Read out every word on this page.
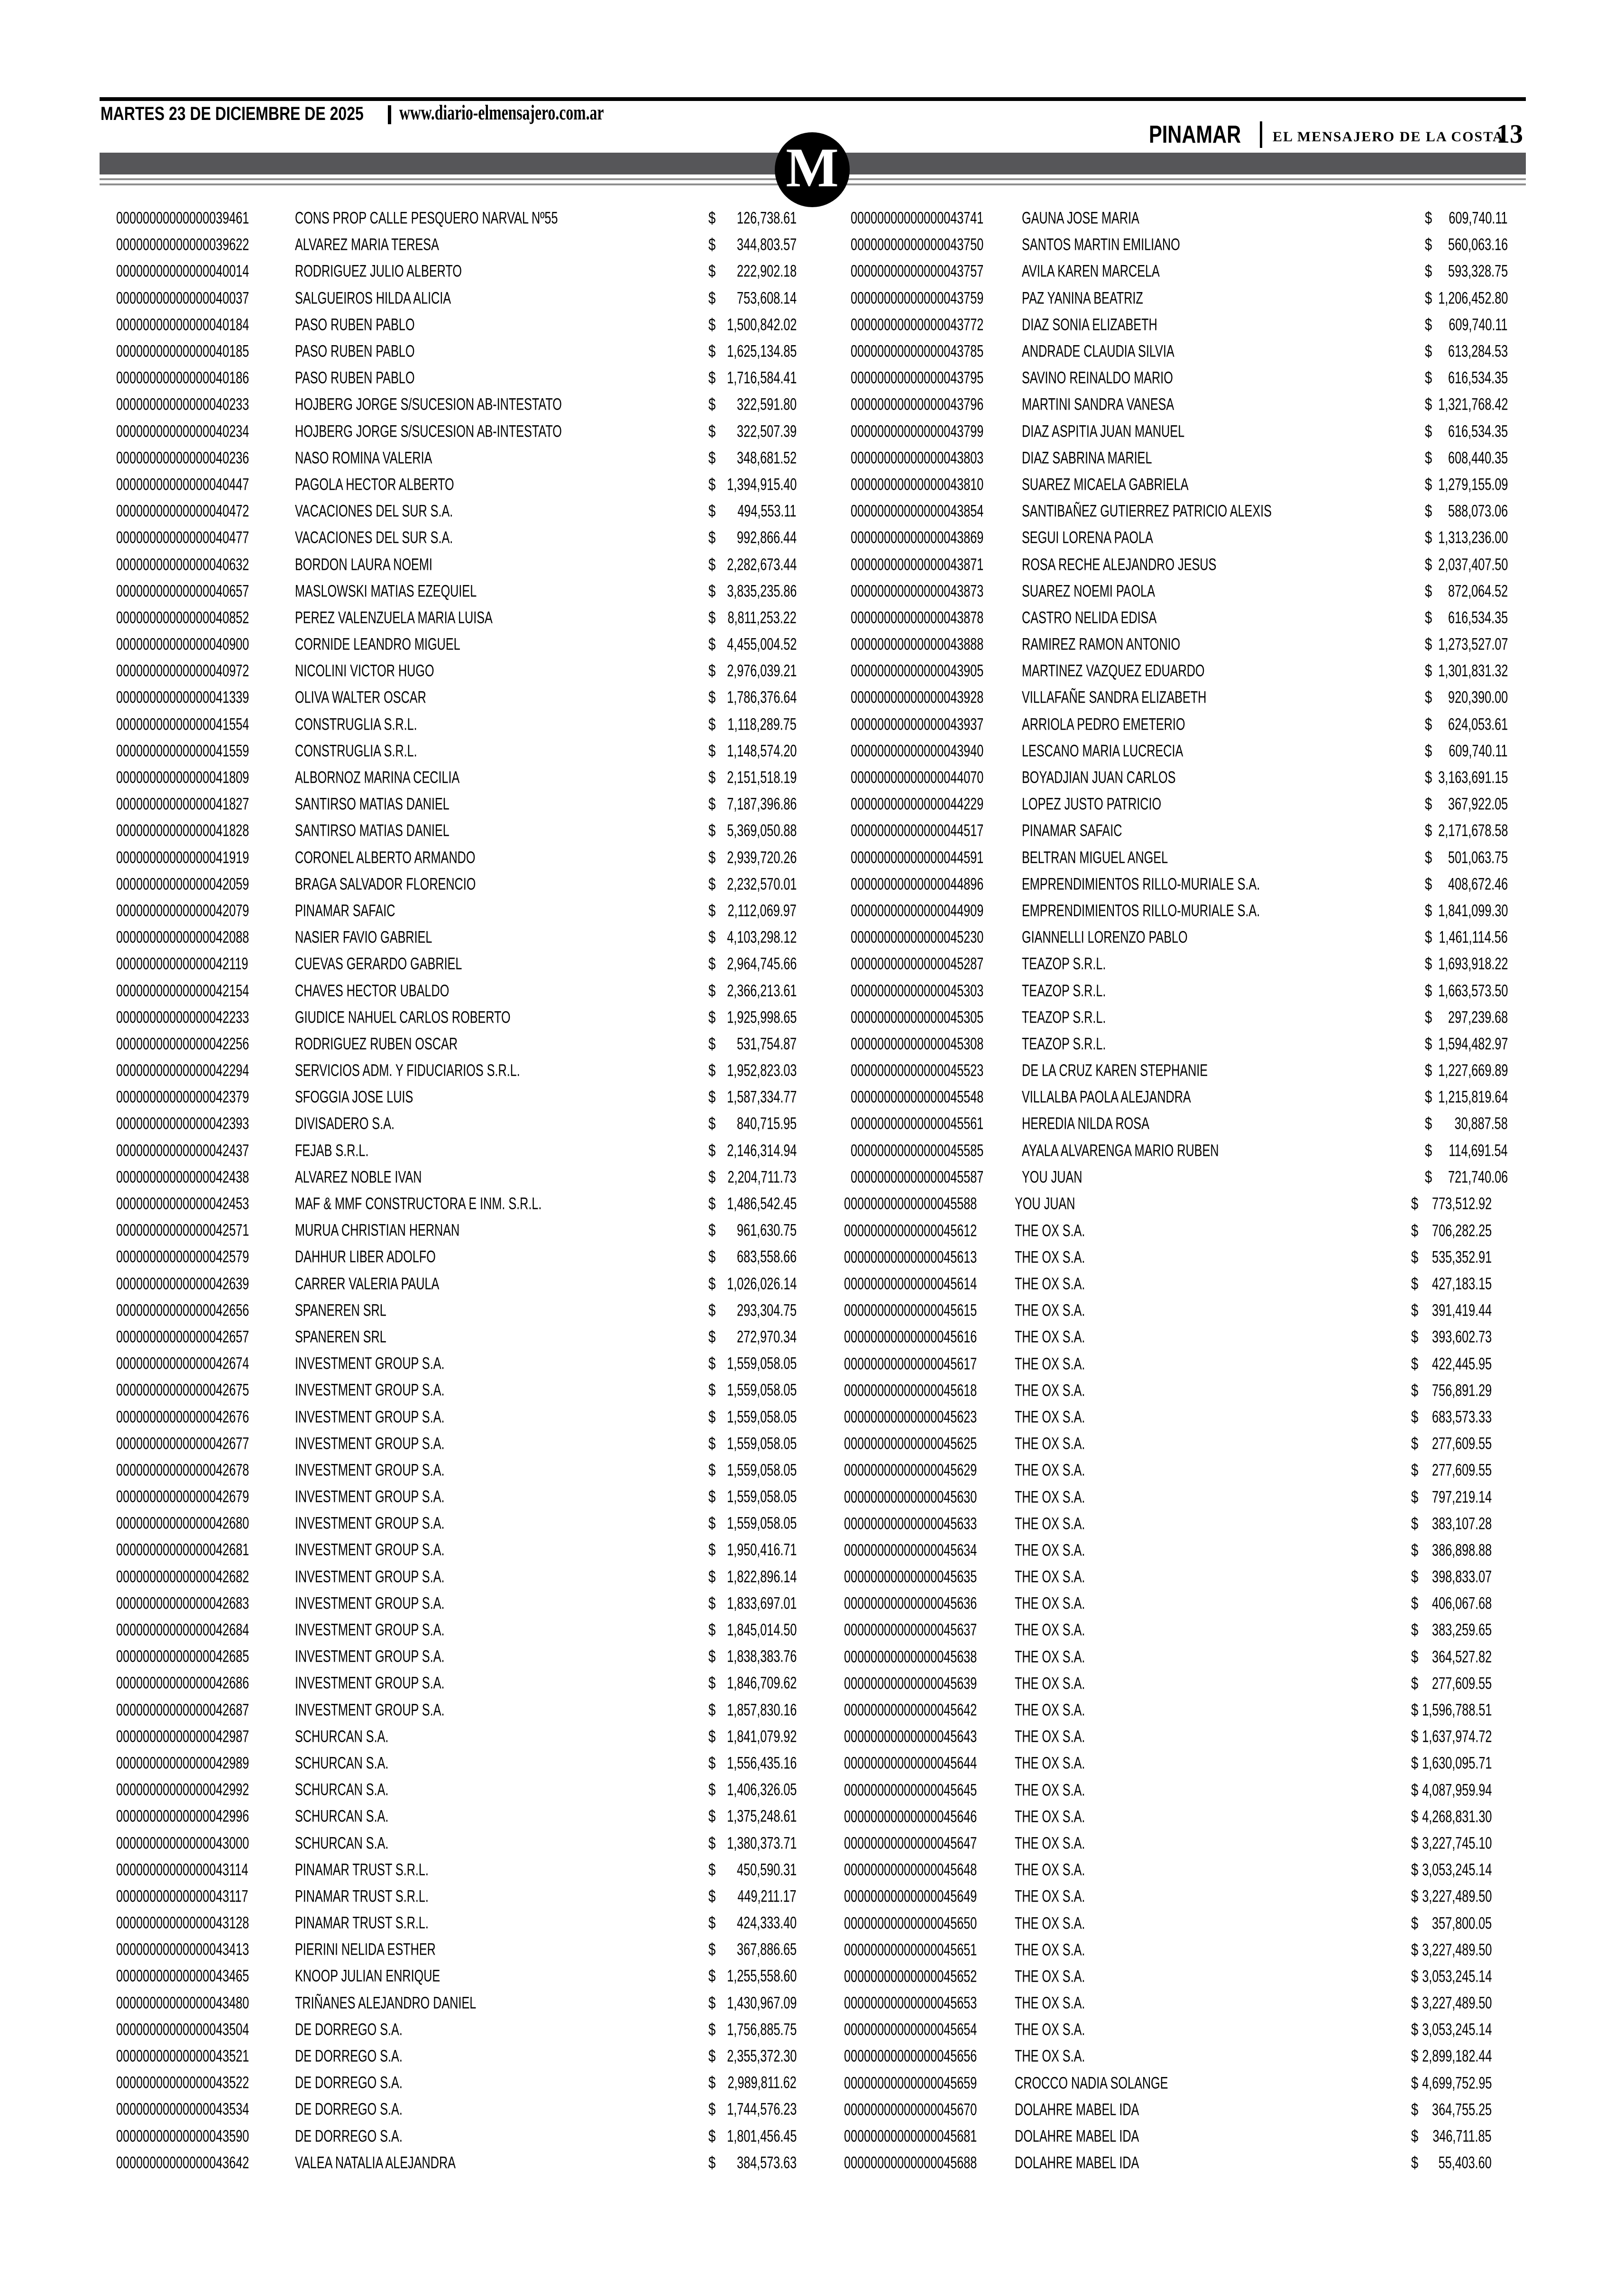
MARTES 23 DE DICIEMBRE DE 2025 www.diario-elmensajero.com.ar
PINAMAR EL MENSAJERO DE LA COSTA
13
M
00000000000000039461	CONS PROP CALLE PESQUERO NARVAL Nº55	$ 126,738.61
00000000000000039622	ALVAREZ MARIA TERESA	$ 344,803.57
00000000000000040014	RODRIGUEZ JULIO ALBERTO	$ 222,902.18
00000000000000040037	SALGUEIROS HILDA ALICIA	$ 753,608.14
00000000000000040184	PASO RUBEN PABLO	$ 1,500,842.02
00000000000000040185	PASO RUBEN PABLO	$ 1,625,134.85
00000000000000040186	PASO RUBEN PABLO	$ 1,716,584.41
00000000000000040233	HOJBERG JORGE S/SUCESION AB-INTESTATO	$ 322,591.80
00000000000000040234	HOJBERG JORGE S/SUCESION AB-INTESTATO	$ 322,507.39
00000000000000040236	NASO ROMINA VALERIA	$ 348,681.52
00000000000000040447	PAGOLA HECTOR ALBERTO	$ 1,394,915.40
00000000000000040472	VACACIONES DEL SUR S.A.	$ 494,553.11
00000000000000040477	VACACIONES DEL SUR S.A.	$ 992,866.44
00000000000000040632	BORDON LAURA NOEMI	$ 2,282,673.44
00000000000000040657	MASLOWSKI MATIAS EZEQUIEL	$ 3,835,235.86
00000000000000040852	PEREZ VALENZUELA MARIA LUISA	$ 8,811,253.22
00000000000000040900	CORNIDE LEANDRO MIGUEL	$ 4,455,004.52
00000000000000040972	NICOLINI VICTOR HUGO	$ 2,976,039.21
00000000000000041339	OLIVA WALTER OSCAR	$ 1,786,376.64
00000000000000041554	CONSTRUGLIA S.R.L.	$ 1,118,289.75
00000000000000041559	CONSTRUGLIA S.R.L.	$ 1,148,574.20
00000000000000041809	ALBORNOZ MARINA CECILIA	$ 2,151,518.19
00000000000000041827	SANTIRSO MATIAS DANIEL	$ 7,187,396.86
00000000000000041828	SANTIRSO MATIAS DANIEL	$ 5,369,050.88
00000000000000041919	CORONEL ALBERTO ARMANDO	$ 2,939,720.26
00000000000000042059	BRAGA SALVADOR FLORENCIO	$ 2,232,570.01
00000000000000042079	PINAMAR SAFAIC	$ 2,112,069.97
00000000000000042088	NASIER FAVIO GABRIEL	$ 4,103,298.12
00000000000000042119	CUEVAS GERARDO GABRIEL	$ 2,964,745.66
00000000000000042154	CHAVES HECTOR UBALDO	$ 2,366,213.61
00000000000000042233	GIUDICE NAHUEL CARLOS ROBERTO	$ 1,925,998.65
00000000000000042256	RODRIGUEZ RUBEN OSCAR	$ 531,754.87
00000000000000042294	SERVICIOS ADM. Y FIDUCIARIOS S.R.L.	$ 1,952,823.03
00000000000000042379	SFOGGIA JOSE LUIS	$ 1,587,334.77
00000000000000042393	DIVISADERO S.A.	$ 840,715.95
00000000000000042437	FEJAB S.R.L.	$ 2,146,314.94
00000000000000042438	ALVAREZ NOBLE IVAN	$ 2,204,711.73
00000000000000042453	MAF & MMF CONSTRUCTORA E INM. S.R.L.	$ 1,486,542.45
00000000000000042571	MURUA CHRISTIAN HERNAN	$ 961,630.75
00000000000000042579	DAHHUR LIBER ADOLFO	$ 683,558.66
00000000000000042639	CARRER VALERIA PAULA	$ 1,026,026.14
00000000000000042656	SPANEREN SRL	$ 293,304.75
00000000000000042657	SPANEREN SRL	$ 272,970.34
00000000000000042674	INVESTMENT GROUP S.A.	$ 1,559,058.05
00000000000000042675	INVESTMENT GROUP S.A.	$ 1,559,058.05
00000000000000042676	INVESTMENT GROUP S.A.	$ 1,559,058.05
00000000000000042677	INVESTMENT GROUP S.A.	$ 1,559,058.05
00000000000000042678	INVESTMENT GROUP S.A.	$ 1,559,058.05
00000000000000042679	INVESTMENT GROUP S.A.	$ 1,559,058.05
00000000000000042680	INVESTMENT GROUP S.A.	$ 1,559,058.05
00000000000000042681	INVESTMENT GROUP S.A.	$ 1,950,416.71
00000000000000042682	INVESTMENT GROUP S.A.	$ 1,822,896.14
00000000000000042683	INVESTMENT GROUP S.A.	$ 1,833,697.01
00000000000000042684	INVESTMENT GROUP S.A.	$ 1,845,014.50
00000000000000042685	INVESTMENT GROUP S.A.	$ 1,838,383.76
00000000000000042686	INVESTMENT GROUP S.A.	$ 1,846,709.62
00000000000000042687	INVESTMENT GROUP S.A.	$ 1,857,830.16
00000000000000042987	SCHURCAN S.A.	$ 1,841,079.92
00000000000000042989	SCHURCAN S.A.	$ 1,556,435.16
00000000000000042992	SCHURCAN S.A.	$ 1,406,326.05
00000000000000042996	SCHURCAN S.A.	$ 1,375,248.61
00000000000000043000	SCHURCAN S.A.	$ 1,380,373.71
00000000000000043114	PINAMAR TRUST S.R.L.	$ 450,590.31
00000000000000043117	PINAMAR TRUST S.R.L.	$ 449,211.17
00000000000000043128	PINAMAR TRUST S.R.L.	$ 424,333.40
00000000000000043413	PIERINI NELIDA ESTHER	$ 367,886.65
00000000000000043465	KNOOP JULIAN ENRIQUE	$ 1,255,558.60
00000000000000043480	TRIÑANES ALEJANDRO DANIEL	$ 1,430,967.09
00000000000000043504	DE DORREGO S.A.	$ 1,756,885.75
00000000000000043521	DE DORREGO S.A.	$ 2,355,372.30
00000000000000043522	DE DORREGO S.A.	$ 2,989,811.62
00000000000000043534	DE DORREGO S.A.	$ 1,744,576.23
00000000000000043590	DE DORREGO S.A.	$ 1,801,456.45
00000000000000043642	VALEA NATALIA ALEJANDRA	$ 384,573.63
00000000000000043741 GAUNA JOSE MARIA	$ 609,740.11
00000000000000043750 SANTOS MARTIN EMILIANO	$ 560,063.16
00000000000000043757 AVILA KAREN MARCELA	$ 593,328.75
00000000000000043759 PAZ YANINA BEATRIZ	$ 1,206,452.80
00000000000000043772 DIAZ SONIA ELIZABETH	$ 609,740.11
00000000000000043785 ANDRADE CLAUDIA SILVIA	$ 613,284.53
00000000000000043795 SAVINO REINALDO MARIO	$ 616,534.35
00000000000000043796 MARTINI SANDRA VANESA	$ 1,321,768.42
00000000000000043799 DIAZ ASPITIA JUAN MANUEL	$ 616,534.35
00000000000000043803 DIAZ SABRINA MARIEL	$ 608,440.35
00000000000000043810 SUAREZ MICAELA GABRIELA	$ 1,279,155.09
00000000000000043854 SANTIBAÑEZ GUTIERREZ PATRICIO ALEXIS	$ 588,073.06
00000000000000043869 SEGUI LORENA PAOLA	$ 1,313,236.00
00000000000000043871 ROSA RECHE ALEJANDRO JESUS	$ 2,037,407.50
00000000000000043873 SUAREZ NOEMI PAOLA	$ 872,064.52
00000000000000043878 CASTRO NELIDA EDISA	$ 616,534.35
00000000000000043888 RAMIREZ RAMON ANTONIO	$ 1,273,527.07
00000000000000043905 MARTINEZ VAZQUEZ EDUARDO	$ 1,301,831.32
00000000000000043928 VILLAFAÑE SANDRA ELIZABETH	$ 920,390.00
00000000000000043937 ARRIOLA PEDRO EMETERIO	$ 624,053.61
00000000000000043940 LESCANO MARIA LUCRECIA	$ 609,740.11
00000000000000044070 BOYADJIAN JUAN CARLOS	$ 3,163,691.15
00000000000000044229 LOPEZ JUSTO PATRICIO	$ 367,922.05
00000000000000044517 PINAMAR SAFAIC	$ 2,171,678.58
00000000000000044591 BELTRAN MIGUEL ANGEL	$ 501,063.75
00000000000000044896 EMPRENDIMIENTOS RILLO-MURIALE S.A.	$ 408,672.46
00000000000000044909 EMPRENDIMIENTOS RILLO-MURIALE S.A.	$ 1,841,099.30
00000000000000045230 GIANNELLI LORENZO PABLO	$ 1,461,114.56
00000000000000045287 TEAZOP S.R.L.	$ 1,693,918.22
00000000000000045303 TEAZOP S.R.L.	$ 1,663,573.50
00000000000000045305 TEAZOP S.R.L.	$ 297,239.68
00000000000000045308 TEAZOP S.R.L.	$ 1,594,482.97
00000000000000045523 DE LA CRUZ KAREN STEPHANIE	$ 1,227,669.89
00000000000000045548 VILLALBA PAOLA ALEJANDRA	$ 1,215,819.64
00000000000000045561 HEREDIA NILDA ROSA	$ 30,887.58
00000000000000045585 AYALA ALVARENGA MARIO RUBEN	$ 114,691.54
00000000000000045587 YOU JUAN	$ 721,740.06
00000000000000045588 YOU JUAN	$ 773,512.92
00000000000000045612 THE OX S.A.	$ 706,282.25
00000000000000045613 THE OX S.A.	$ 535,352.91
00000000000000045614 THE OX S.A.	$ 427,183.15
00000000000000045615 THE OX S.A.	$ 391,419.44
00000000000000045616 THE OX S.A.	$ 393,602.73
00000000000000045617 THE OX S.A.	$ 422,445.95
00000000000000045618 THE OX S.A.	$ 756,891.29
00000000000000045623 THE OX S.A.	$ 683,573.33
00000000000000045625 THE OX S.A.	$ 277,609.55
00000000000000045629 THE OX S.A.	$ 277,609.55
00000000000000045630 THE OX S.A.	$ 797,219.14
00000000000000045633 THE OX S.A.	$ 383,107.28
00000000000000045634 THE OX S.A.	$ 386,898.88
00000000000000045635 THE OX S.A.	$ 398,833.07
00000000000000045636 THE OX S.A.	$ 406,067.68
00000000000000045637 THE OX S.A.	$ 383,259.65
00000000000000045638 THE OX S.A.	$ 364,527.82
00000000000000045639 THE OX S.A.	$ 277,609.55
00000000000000045642 THE OX S.A.	$ 1,596,788.51
00000000000000045643 THE OX S.A.	$ 1,637,974.72
00000000000000045644 THE OX S.A.	$ 1,630,095.71
00000000000000045645 THE OX S.A.	$ 4,087,959.94
00000000000000045646 THE OX S.A.	$ 4,268,831.30
00000000000000045647 THE OX S.A.	$ 3,227,745.10
00000000000000045648 THE OX S.A.	$ 3,053,245.14
00000000000000045649 THE OX S.A.	$ 3,227,489.50
00000000000000045650 THE OX S.A.	$ 357,800.05
00000000000000045651 THE OX S.A.	$ 3,227,489.50
00000000000000045652 THE OX S.A.	$ 3,053,245.14
00000000000000045653 THE OX S.A.	$ 3,227,489.50
00000000000000045654 THE OX S.A.	$ 3,053,245.14
00000000000000045656 THE OX S.A.	$ 2,899,182.44
00000000000000045659 CROCCO NADIA SOLANGE	$ 4,699,752.95
00000000000000045670 DOLAHRE MABEL IDA	$ 364,755.25
00000000000000045681 DOLAHRE MABEL IDA	$ 346,711.85
00000000000000045688 DOLAHRE MABEL IDA	$ 55,403.60
